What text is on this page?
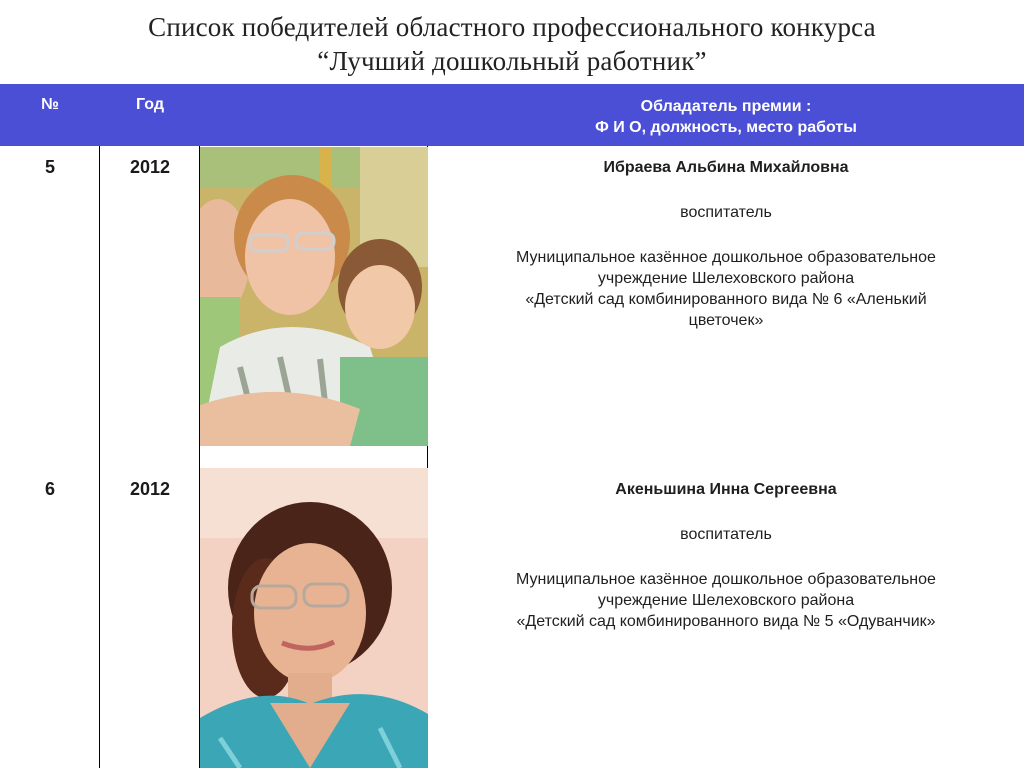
Список победителей областного профессионального конкурса
“Лучший дошкольный работник”
№	Год	Обладатель премии :
Ф И О, должность, место работы
5	2012	Ибраева Альбина Михайловна
воспитатель
Муниципальное казённое дошкольное образовательное
учреждение Шелеховского района
«Детский сад комбинированного вида № 6 «Аленький
цветочек»
6	2012	Акеньшина Инна Сергеевна
воспитатель
Муниципальное казённое дошкольное образовательное
учреждение Шелеховского района
«Детский сад комбинированного вида № 5 «Одуванчик»
